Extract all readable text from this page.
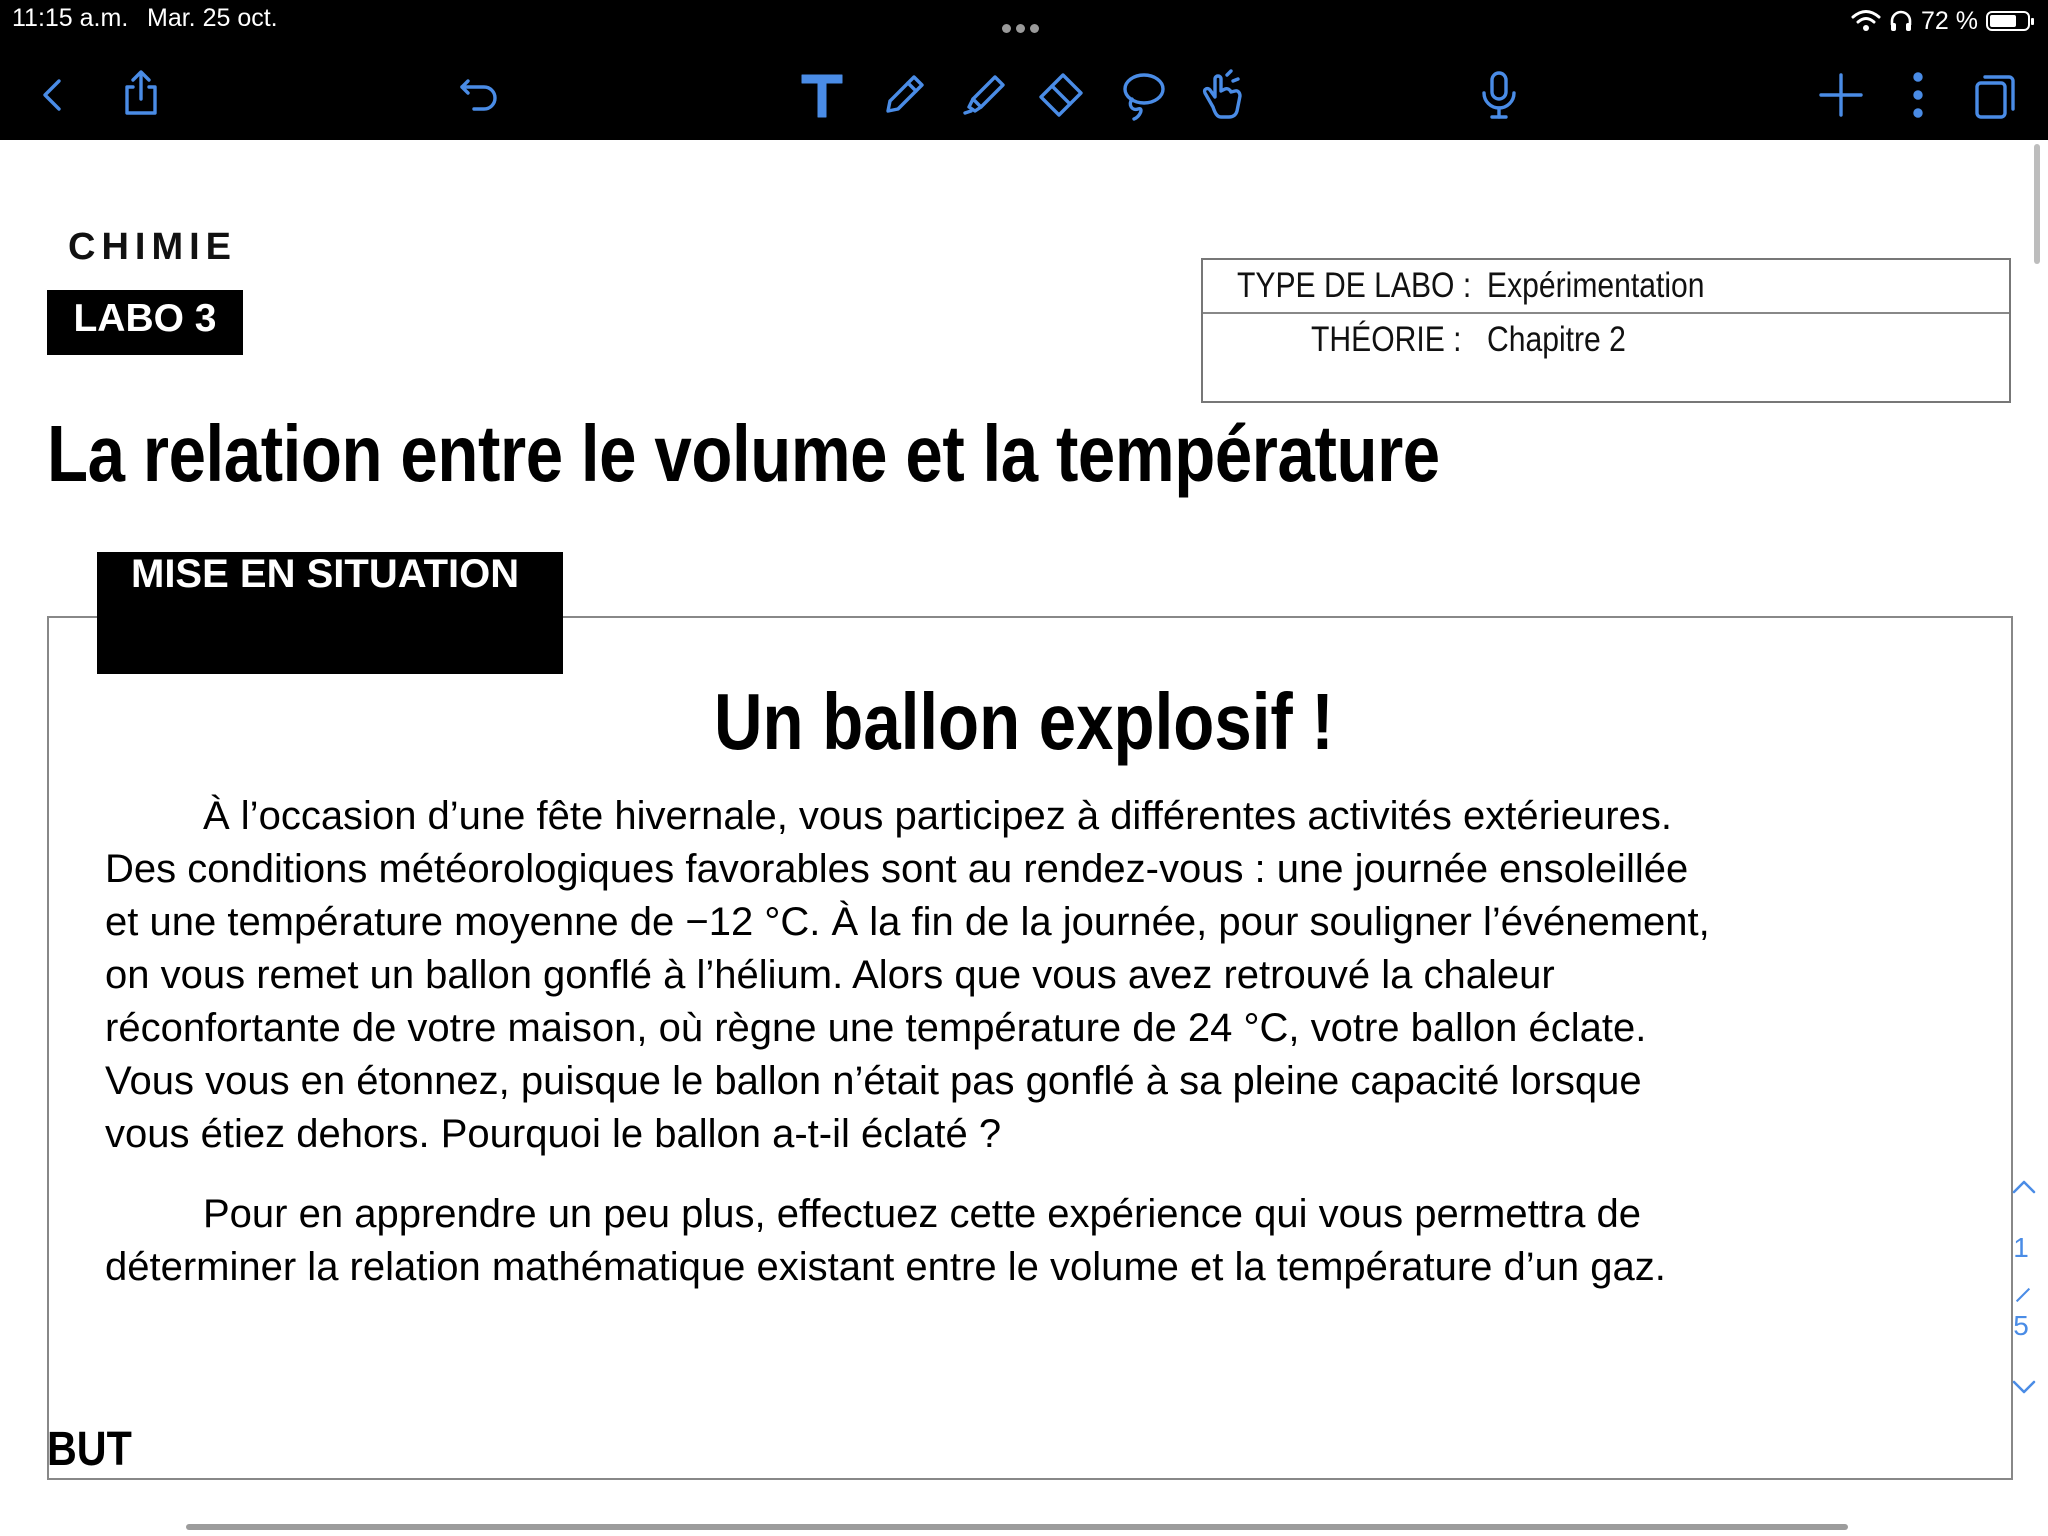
11:15 a.m. Mar. 25 oct.	72 %
CHIMIE
LABO 3
TYPE DE LABO : Expérimentation
THÉORIE : Chapitre 2
La relation entre le volume et la température
MISE EN SITUATION
Un ballon explosif !
À l’occasion d’une fête hivernale, vous participez à différentes activités extérieures.
Des conditions météorologiques favorables sont au rendez-vous : une journée ensoleillée
et une température moyenne de −12 °C. À la fin de la journée, pour souligner l’événement,
on vous remet un ballon gonflé à l’hélium. Alors que vous avez retrouvé la chaleur
réconfortante de votre maison, où règne une température de 24 °C, votre ballon éclate.
Vous vous en étonnez, puisque le ballon n’était pas gonflé à sa pleine capacité lorsque
vous étiez dehors. Pourquoi le ballon a-t-il éclaté ?
Pour en apprendre un peu plus, effectuez cette expérience qui vous permettra de
déterminer la relation mathématique existant entre le volume et la température d’un gaz.
BUT
1
5
